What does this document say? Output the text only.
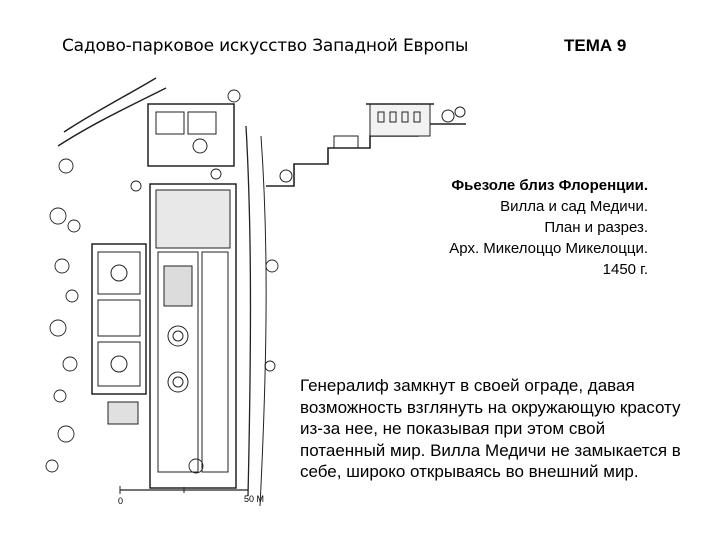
Садово-парковое искусство Западной Европы	ТЕМА 9
0	50 М
Фьезоле близ Флоренции.
Вилла и сад Медичи.
План и разрез.
Арх. Микелоццо Микелоцци.
1450 г.
Генералиф замкнут в своей ограде, давая возможность взглянуть на окружающую красоту из-за нее, не показывая при этом свой потаенный мир. Вилла Медичи не замыкается в себе, широко открываясь во внешний мир.
